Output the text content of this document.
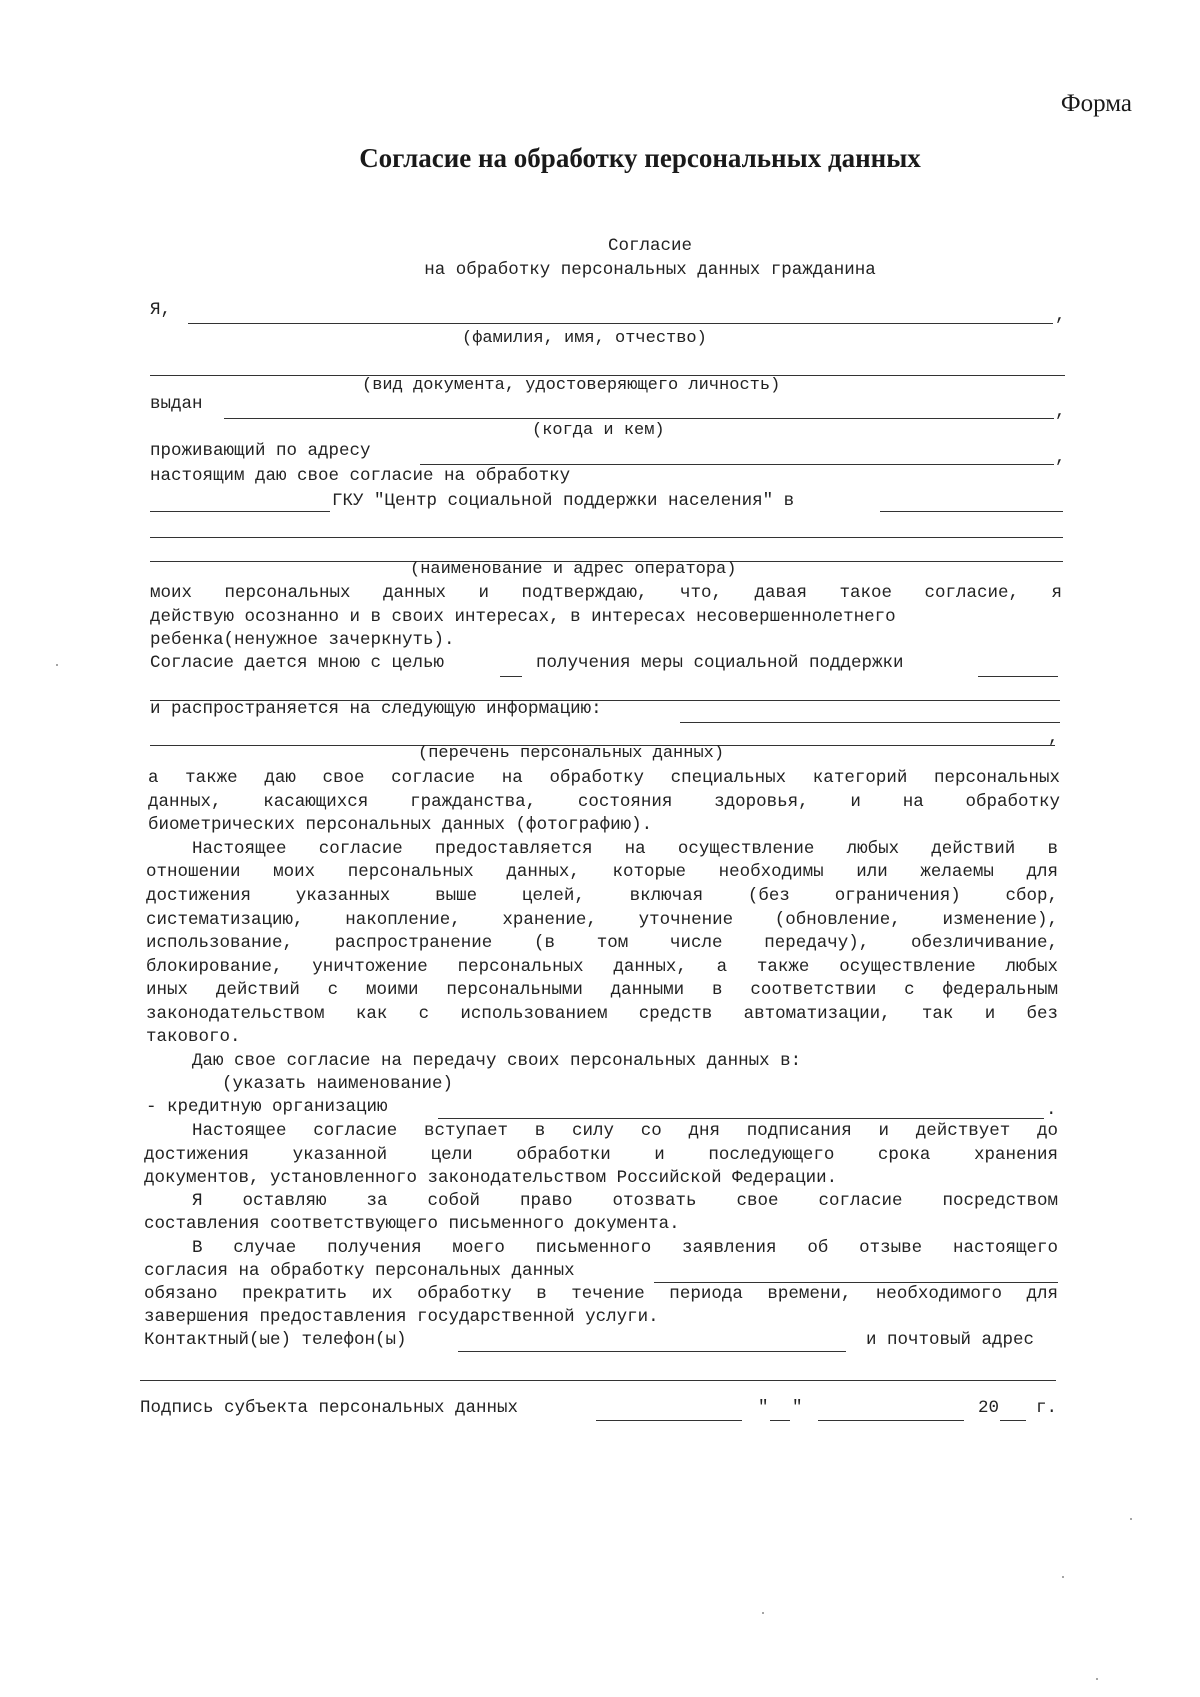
Форма
Согласие на обработку персональных данных
Согласие
на обработку персональных данных гражданина
Я,	,
(фамилия, имя, отчество)
(вид документа, удостоверяющего личность)
выдан	,
(когда и кем)
проживающий по адресу	,
настоящим даю свое согласие на обработку
ГКУ "Центр социальной поддержки населения" в
(наименование и адрес оператора)
моих персональных данных и подтверждаю, что, давая такое согласие, я
действую осознанно и в своих интересах, в интересах несовершеннолетнего
ребенка(ненужное зачеркнуть).
Согласие дается мною с целью	получения меры социальной поддержки
и распространяется на следующую информацию:
,
(перечень персональных данных)
а также даю свое согласие на обработку специальных категорий персональных
данных, касающихся гражданства, состояния здоровья, и на обработку
биометрических персональных данных (фотографию).
Настоящее согласие предоставляется на осуществление любых действий в
отношении моих персональных данных, которые необходимы или желаемы для
достижения указанных выше целей, включая (без ограничения) сбор,
систематизацию, накопление, хранение, уточнение (обновление, изменение),
использование, распространение (в том числе передачу), обезличивание,
блокирование, уничтожение персональных данных, а также осуществление любых
иных действий с моими персональными данными в соответствии с федеральным
законодательством как с использованием средств автоматизации, так и без
такового.
Даю свое согласие на передачу своих персональных данных в:
(указать наименование)
- кредитную организацию	.
Настоящее согласие вступает в силу со дня подписания и действует до
достижения указанной цели обработки и последующего срока хранения
документов, установленного законодательством Российской Федерации.
Я оставляю за собой право отозвать свое согласие посредством
составления соответствующего письменного документа.
В случае получения моего письменного заявления об отзыве настоящего
согласия на обработку персональных данных
обязано прекратить их обработку в течение периода времени, необходимого для
завершения предоставления государственной услуги.
Контактный(ые) телефон(ы)	и почтовый адрес
Подпись субъекта персональных данных	" "	20 г.
